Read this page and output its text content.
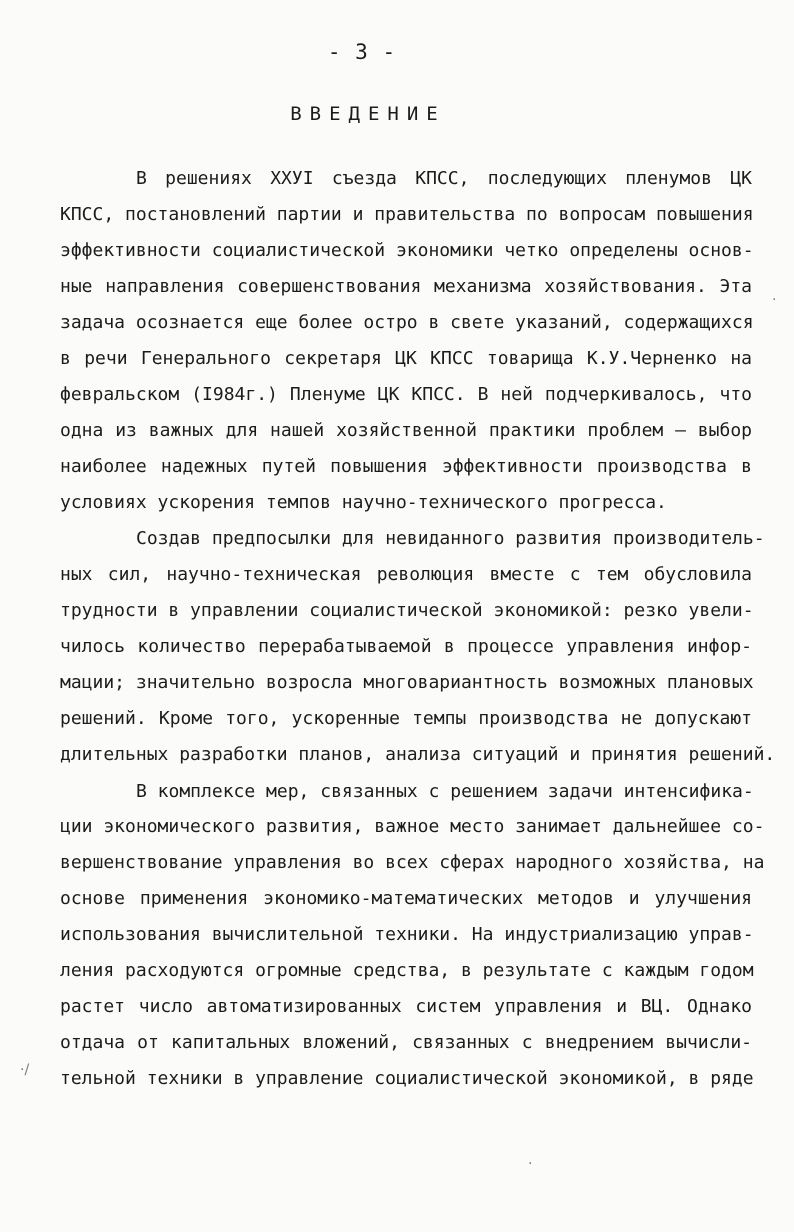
- 3 -
ВВЕДЕНИЕ
В решениях ХХУI съезда КПСС, последующих пленумов ЦК
КПСС, постановлений партии и правительства по вопросам повышения
эффективности социалистической экономики четко определены основ-
ные направления совершенствования механизма хозяйствования. Эта
задача осознается еще более остро в свете указаний, содержащихся
в речи Генерального секретаря ЦК КПСС товарища К.У.Черненко на
февральском (I984г.) Пленуме ЦК КПСС. В ней подчеркивалось, что
одна из важных для нашей хозяйственной практики проблем – выбор
наиболее надежных путей повышения эффективности производства в
условиях ускорения темпов научно-технического прогресса.
Создав предпосылки для невиданного развития производитель-
ных сил, научно-техническая революция вместе с тем обусловила
трудности в управлении социалистической экономикой: резко увели-
чилось количество перерабатываемой в процессе управления инфор-
мации; значительно возросла многовариантность возможных плановых
решений. Кроме того, ускоренные темпы производства не допускают
длительных разработки планов, анализа ситуаций и принятия решений.
В комплексе мер, связанных с решением задачи интенсифика-
ции экономического развития, важное место занимает дальнейшее со-
вершенствование управления во всех сферах народного хозяйства, на
основе применения экономико-математических методов и улучшения
использования вычислительной техники. На индустриализацию управ-
ления расходуются огромные средства, в результате с каждым годом
растет число автоматизированных систем управления и ВЦ. Однако
отдача от капитальных вложений, связанных с внедрением вычисли-
тельной техники в управлениe социалистической экономикой, в ряде
·/
·
·
